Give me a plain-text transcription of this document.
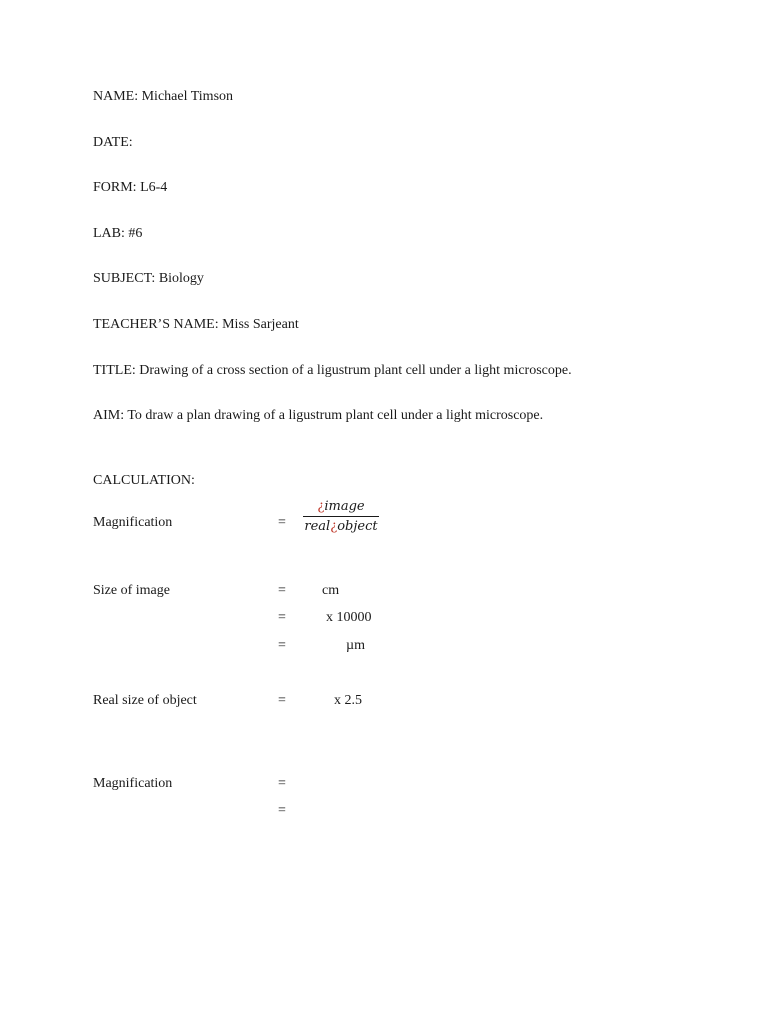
NAME: Michael Timson
DATE:
FORM: L6-4
LAB: #6
SUBJECT: Biology
TEACHER’S NAME: Miss Sarjeant
TITLE: Drawing of a cross section of a ligustrum plant cell under a light microscope.
AIM: To draw a plan drawing of a ligustrum plant cell under a light microscope.
CALCULATION:
Magnification	=
¿image
real¿object
Size of image	=	cm
=	x 10000
=	µm
Real size of object	=	x 2.5
Magnification	=
=
